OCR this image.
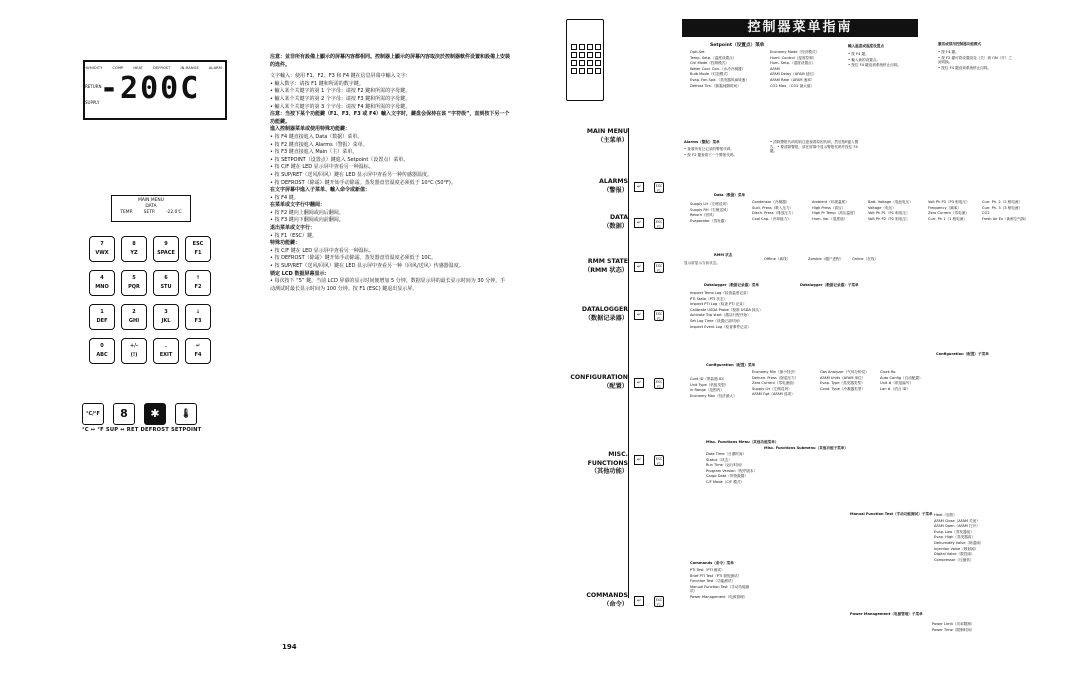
HUMIDITY	COMP	HEAT	DEFROST	IN-RANGE	ALARM
RETURN
SUPPLY -200C
MAIN MENU
DATA
TEMP. SETP. -22.0'C
7
VWX
8
YZ
9
SPACE
ESC
F1
4
MNO
5
PQR
6
STU
↑
F2
1
DEF
2
GHI
3
JKL
↓
F3
0
ABC
+/-
(!)
.
EXIT
↵
F4
°C/°F	8	✱	🌡
°C ↔ °F SUP ↔ RET DEFROST SETPOINT

注意：並非所有設備上顯示的屏幕內容都相同。控制器上顯示的屏幕內容取決於控制器軟件设置和設備上安裝的选件。

文字輸入：使用 F1、F2、F3 和 F4 鍵在信息屏幕中輸入文字:

• 輸入数字：请按 F1 鍵和所需的数字鍵。

• 輸入某个关键字的第 1 个字母：请按 F2 鍵和所需的字母鍵。

• 輸入某个关键字的第 2 个字母：请按 F3 鍵和所需的字母鍵。

• 輸入某个关键字的第 3 个字母：请按 F4 鍵和所需的字母鍵。

注意：当按下某个功能鍵（F1、F3、F3 或 F4）輸入文字时，鍵盘会保持在该 “字符级”，直到按下另一个功能鍵。

進入控制器菜单或使用特殊功能鍵：

• 按 F4 鍵直接進入 Data（数据）菜单。

• 按 F2 鍵直接進入 Alarms（警报）菜单。

• 按 F3 鍵直接進入 Main（主）菜单。

• 按 SETPOINT（设置点）鍵進入 Setpoint（设置点）菜单。

• 按 C/F 鍵在 LED 显示屏中查看另一种温标。

• 按 SUP/RET（送风/回风）鍵在 LED 显示屏中查看另一种传感器温度。

• 按 DEFROST（除霜）鍵开始手动除霜。蒸发器盘管温度必须低于 10°C (50°F)。

在文字屏幕中進入子菜单、輸入命令或新值：

• 按 F4 鍵。

在菜单或文字行中翻阅：

• 按 F2 鍵向上翻阅或向后翻阅。

• 按 F3 鍵向下翻阅或向前翻阅。

退出菜单或文字行：

• 按 F1（ESC）鍵。

特殊功能鍵：

• 按 C/F 鍵在 LED 显示屏中查看另一种温标。

• 按 DEFROST（除霜）鍵开始手动除霜。蒸发器盘管温度必须低于 10C。

• 按 SUP/RET（送风/回风）鍵在 LED 显示屏中查看另一种（回风/送风）传感器温度。

锁定 LCD 数据屏幕显示：

• 每次按下 “5” 鍵，当前 LCD 屏幕的显示时间便增加 5 分钟。数据显示屏的最长显示时间为 30 分钟，手动测试时最长显示时间为 100 分钟。按 F1 (ESC) 鍵退出显示屏。

194
控制器菜单指南
MAIN MENU
（主菜单）
ALARMS
（警报）	↵	ESC
F1
DATA
（数据）	↵	ESC
F1
RMM STATE
（RMM 状态）	↵	ESC
F1
DATALOGGER
（数据记录器）	↵	ESC
F1
CONFIGURATION
（配置）	↵	ESC
F1
MISC. FUNCTIONS
（其他功能）
↵	ESC
F1
COMMANDS
（命令）	↵	ESC
F1
Setpoint（设置点）菜单
Opti-Set
Temp. Setp.（温度设置点）
Ctrl Mode（控制模式）
Water Cool. Con.（水冷冷凝器）
Bulb Mode（灯泡模式）
Evap. Fan Spd.（蒸发器风扇转速）
Defrost Tim.（除霜间隔时间）
Economy Mode（经济模式）
Humi. Control（湿度控制）
Hum. Setp.（湿度设置点）
AFAM
AFAM Delay（AFAM 延迟）
AFAM Rate（AFAM 速率）
CO2 Max.（CO2 最大值）
輸入温度或湿度设置点
• 按 F4 鍵。
• 輸入新的设置点。
• 按住 F4 鍵直到系统停止闪烁。
激活或禁用控制器功能模式
• 按 F4 鍵。
• 按 F2 鍵可将设置改变（关）到 ON（开）之间切换。
• 按住 F4 鍵直到系统停止闪烁。
Alarms（警报）菜单
• 查看所有已记录的警报代码。
• 按 F2 鍵查看下一个警报代码。
• 清除警报代码的前注意查看原因代码，然后按E键入警告。• 要清除警报，请在屏幕中显示警报代码并按住 F4 鍵。
Data（数据）菜单
Supply LH（左侧送风）
Supply RH（右侧送风）
Return（回风）
Evaporator（蒸发器）
Condensor（冷凝器）
Suct. Press（吸入压力）
Disch. Press（排放压力）
Cool Cap.（冷却能力）
Ambient（环境温度）
High Press（高压）
High Pr Temp（高压温度）
Hum. Val.（湿度值）
Batt. Voltage（电池电压）
Voltage（电压）
Volt Ph P1（P1 相电压）
Volt Ph P2（P2 相电压）
Volt Ph P3（P3 相电压）
Frequency（频率）
Zero Current（零电流）
Curr. Ph 1（1 相电流）
Curr. Ph. 2（2 相电流）
Curr. Ph. 3（3 相电流）
CO2
Fresh Air Ex（新鲜空气换）
RMM 状态
显示屏显示当前状态。
Offline（离线）	Zombie（僵尸进程） Online（在线）
Datalogger（数据记录器）菜单
Inspect Temp Log（检查温度记录）
PTI State（PTI 状态）
Inspect PTI Log（检查 PTI 记录）
Calibrate USDA Probe（校准 USDA 探头）
Activate Trip start（激活行程开始）
Set Log Time（设置记录时间）
Inspect Event Log（检查事件记录）
Datalogger（数据记录器）子菜单
Configuration（配置）菜单
Cont ID（集装箱 ID）
Unit Type（机组类型）
In Range（范围内）
Economy Max（经济最大）
Economy Min（最小经济）
Dehum. Press（除湿压力）
Zero Current（零电流值）
Supply LH（左侧送风）
AFAM Opt（AFAM 选项）
Gas Analyzer（气体分析仪）
AFAM Units（AFAM 单位）
Evap. Type（蒸发器类型）
Cond. Type（冷凝器类型）
Clock Ro
Auto Config（自动配置）
Unit #（机组编号）
Lan #（语言 ID）
Configuration（配置）子菜单
Misc. Functions Menu（其他功能菜单）
Date Time（日期时间）
Status（状态）
Run Time（运行时间）
Program Version（程序版本）
Cargo Data（货物数据）
C/F Mode（C/F 模式）
Misc. Functions Submenu（其他功能子菜单）
Commands（命令）菜单
PTI Test（PTI 测试）
Brief PTI Test（PTI 简短测试）
Function Test（功能测试）
Manual Function Test（手动功能测试）
Power Management（电源管理）
Manual Function Test（手动功能测试）子菜单 Heat（加热）
AFAM Close（AFAM 关闭）
AFAM Open（AFAM 打开）
Evap. Low（蒸发器低）
Evap. High（蒸发器高）
Dehumidify Valve（除湿阀）
Injection Valve（喷射阀）
Digital Valve（数控阀）
Compressor（压缩机）
Power Management（电源管理）子菜单
Power Limit（功率限制）
Power Time（限制时间）
